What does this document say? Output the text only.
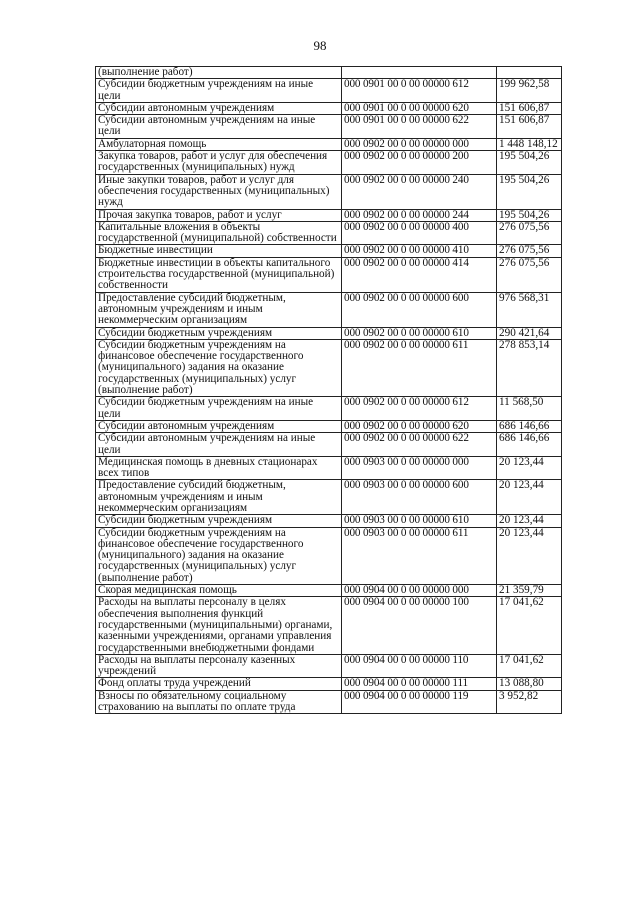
98
(выполнение работ)		
Субсидии бюджетным учреждениям на иные цели	000 0901 00 0 00 00000 612	199 962,58
Субсидии автономным учреждениям	000 0901 00 0 00 00000 620	151 606,87
Субсидии автономным учреждениям на иные цели	000 0901 00 0 00 00000 622	151 606,87
Амбулаторная помощь	000 0902 00 0 00 00000 000	1 448 148,12
Закупка товаров, работ и услуг для обеспечения государственных (муниципальных) нужд	000 0902 00 0 00 00000 200	195 504,26
Иные закупки товаров, работ и услуг для обеспечения государственных (муниципальных) нужд	000 0902 00 0 00 00000 240	195 504,26
Прочая закупка товаров, работ и услуг	000 0902 00 0 00 00000 244	195 504,26
Капитальные вложения в объекты государственной (муниципальной) собственности	000 0902 00 0 00 00000 400	276 075,56
Бюджетные инвестиции	000 0902 00 0 00 00000 410	276 075,56
Бюджетные инвестиции в объекты капитального строительства государственной (муниципальной) собственности	000 0902 00 0 00 00000 414	276 075,56
Предоставление субсидий бюджетным, автономным учреждениям и иным некоммерческим организациям	000 0902 00 0 00 00000 600	976 568,31
Субсидии бюджетным учреждениям	000 0902 00 0 00 00000 610	290 421,64
Субсидии бюджетным учреждениям на финансовое обеспечение государственного (муниципального) задания на оказание государственных (муниципальных) услуг (выполнение работ)	000 0902 00 0 00 00000 611	278 853,14
Субсидии бюджетным учреждениям на иные цели	000 0902 00 0 00 00000 612	11 568,50
Субсидии автономным учреждениям	000 0902 00 0 00 00000 620	686 146,66
Субсидии автономным учреждениям на иные цели	000 0902 00 0 00 00000 622	686 146,66
Медицинская помощь в дневных стационарах всех типов	000 0903 00 0 00 00000 000	20 123,44
Предоставление субсидий бюджетным, автономным учреждениям и иным некоммерческим организациям	000 0903 00 0 00 00000 600	20 123,44
Субсидии бюджетным учреждениям	000 0903 00 0 00 00000 610	20 123,44
Субсидии бюджетным учреждениям на финансовое обеспечение государственного (муниципального) задания на оказание государственных (муниципальных) услуг (выполнение работ)	000 0903 00 0 00 00000 611	20 123,44
Скорая медицинская помощь	000 0904 00 0 00 00000 000	21 359,79
Расходы на выплаты персоналу в целях обеспечения выполнения функций государственными (муниципальными) органами, казенными учреждениями, органами управления государственными внебюджетными фондами	000 0904 00 0 00 00000 100	17 041,62
Расходы на выплаты персоналу казенных учреждений	000 0904 00 0 00 00000 110	17 041,62
Фонд оплаты труда учреждений	000 0904 00 0 00 00000 111	13 088,80
Взносы по обязательному социальному страхованию на выплаты по оплате труда	000 0904 00 0 00 00000 119	3 952,82
